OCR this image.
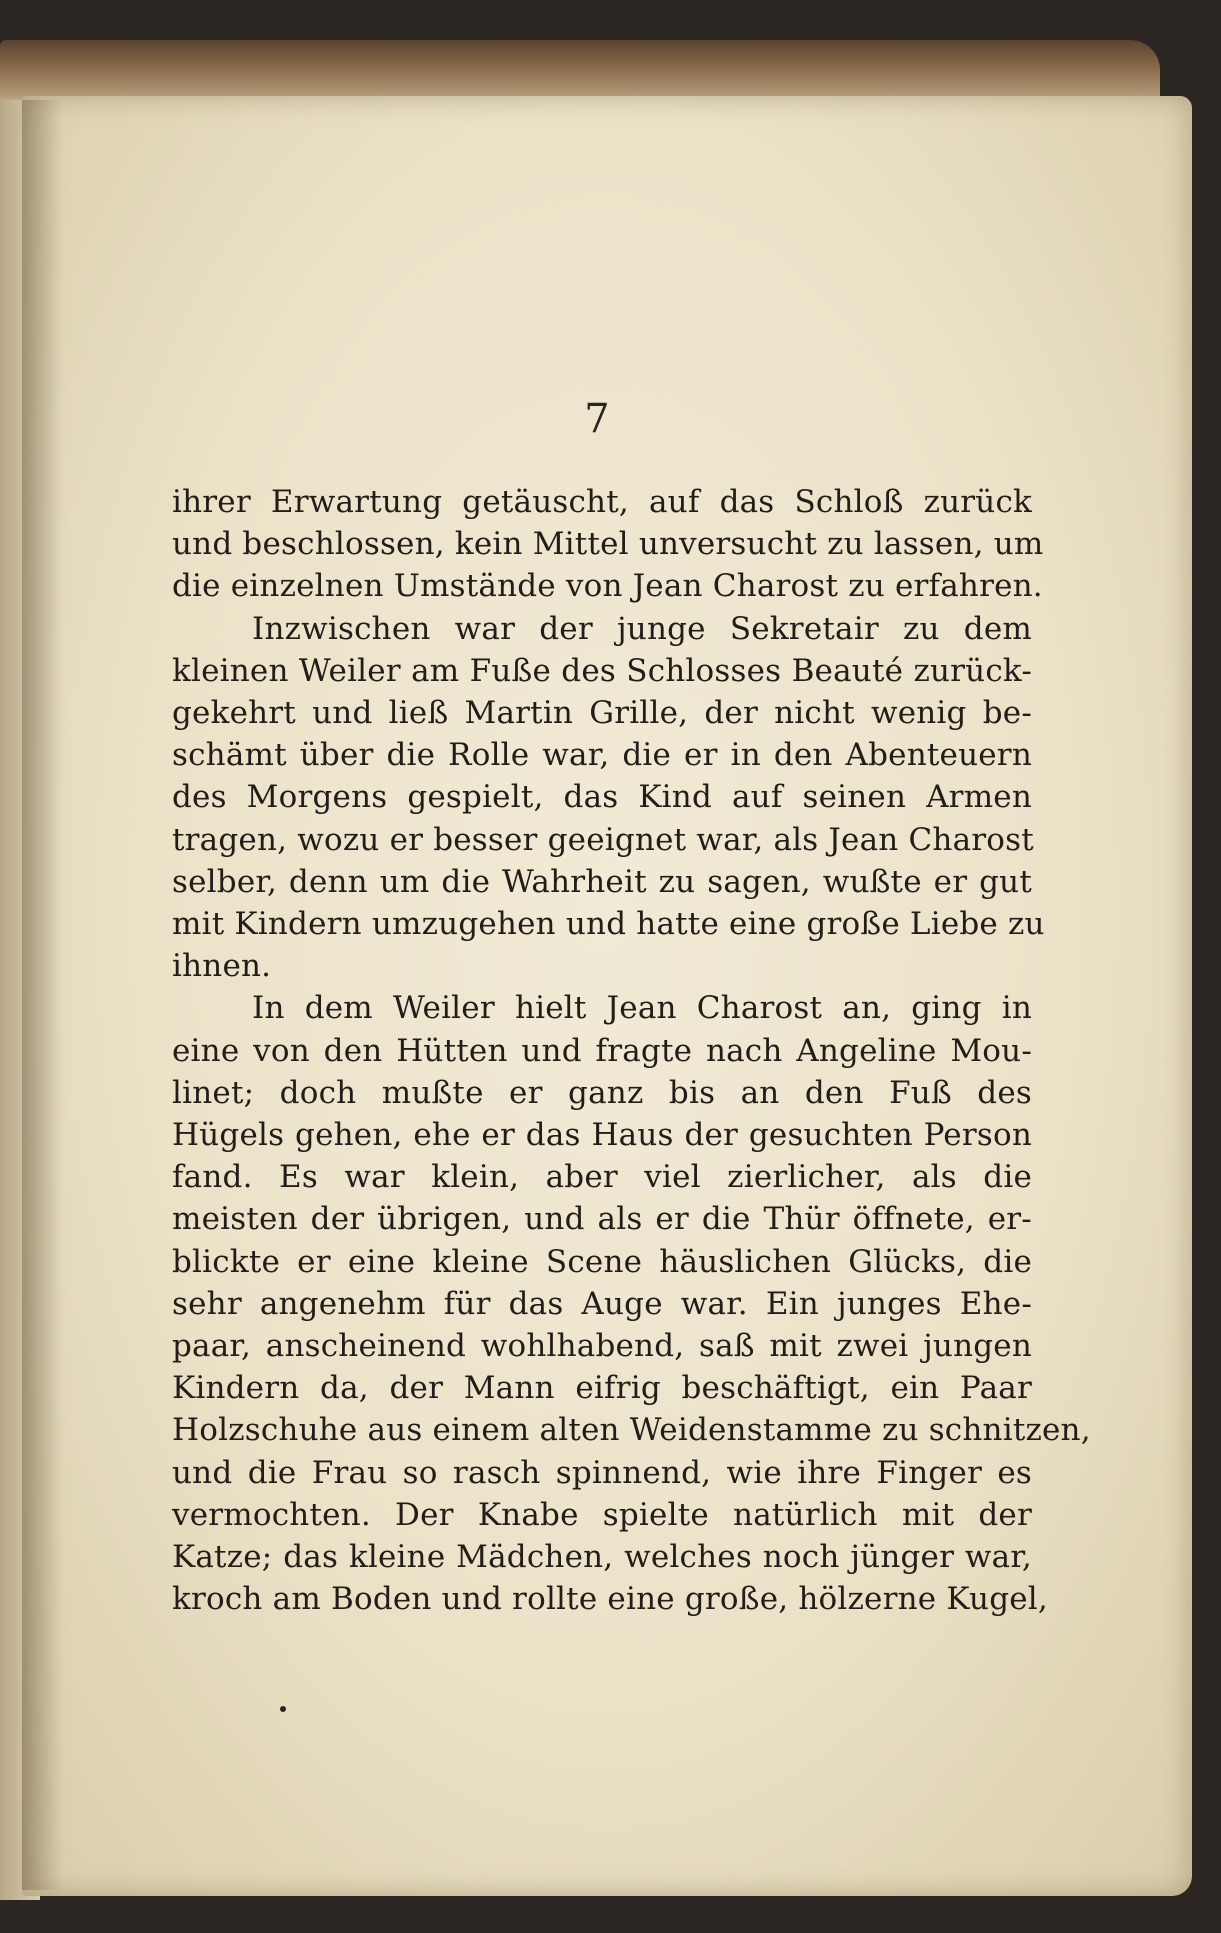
7

ihrer Erwartung getäuscht, auf das Schloß zurück
und beschlossen, kein Mittel unversucht zu lassen, um
die einzelnen Umstände von Jean Charost zu erfahren.

Inzwischen war der junge Sekretair zu dem
kleinen Weiler am Fuße des Schlosses Beauté zurück-
gekehrt und ließ Martin Grille, der nicht wenig be-
schämt über die Rolle war, die er in den Abenteuern
des Morgens gespielt, das Kind auf seinen Armen
tragen, wozu er besser geeignet war, als Jean Charost
selber, denn um die Wahrheit zu sagen, wußte er gut
mit Kindern umzugehen und hatte eine große Liebe zu
ihnen.

In dem Weiler hielt Jean Charost an, ging in
eine von den Hütten und fragte nach Angeline Mou-
linet; doch mußte er ganz bis an den Fuß des
Hügels gehen, ehe er das Haus der gesuchten Person
fand. Es war klein, aber viel zierlicher, als die
meisten der übrigen, und als er die Thür öffnete, er-
blickte er eine kleine Scene häuslichen Glücks, die
sehr angenehm für das Auge war. Ein junges Ehe-
paar, anscheinend wohlhabend, saß mit zwei jungen
Kindern da, der Mann eifrig beschäftigt, ein Paar
Holzschuhe aus einem alten Weidenstamme zu schnitzen,
und die Frau so rasch spinnend, wie ihre Finger es
vermochten. Der Knabe spielte natürlich mit der
Katze; das kleine Mädchen, welches noch jünger war,
kroch am Boden und rollte eine große, hölzerne Kugel,
